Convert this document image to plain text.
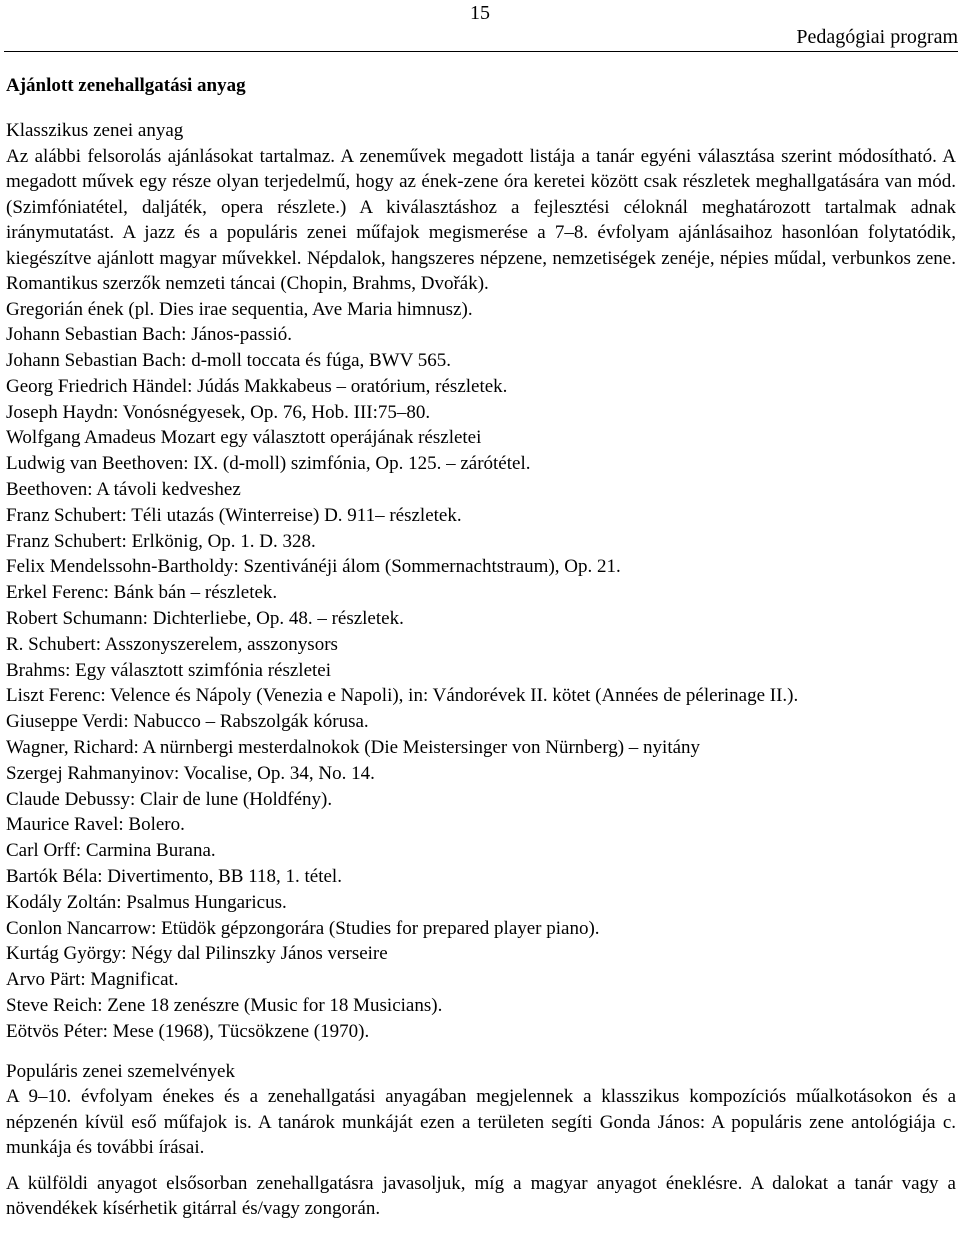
15
Pedagógiai program
Ajánlott zenehallgatási anyag
Klasszikus zenei anyag

Az alábbi felsorolás ajánlásokat tartalmaz. A zeneművek megadott listája a tanár egyéni választása szerint módosítható. A megadott művek egy része olyan terjedelmű, hogy az ének-zene óra keretei között csak részletek meghallgatására van mód. (Szimfóniatétel, daljáték, opera részlete.) A kiválasztáshoz a fejlesztési céloknál meghatározott tartalmak adnak iránymutatást. A jazz és a populáris zenei műfajok megismerése a 7–8. évfolyam ajánlásaihoz hasonlóan folytatódik, kiegészítve ajánlott magyar művekkel. Népdalok, hangszeres népzene, nemzetiségek zenéje, népies műdal, verbunkos zene. Romantikus szerzők nemzeti táncai (Chopin, Brahms, Dvořák).

Gregorián ének (pl. Dies irae sequentia, Ave Maria himnusz).
Johann Sebastian Bach: János-passió.
Johann Sebastian Bach: d-moll toccata és fúga, BWV 565.
Georg Friedrich Händel: Júdás Makkabeus – oratórium, részletek.
Joseph Haydn: Vonósnégyesek, Op. 76, Hob. III:75–80.
Wolfgang Amadeus Mozart egy választott operájának részletei
Ludwig van Beethoven: IX. (d-moll) szimfónia, Op. 125. – zárótétel.
Beethoven: A távoli kedveshez
Franz Schubert: Téli utazás (Winterreise) D. 911– részletek.
Franz Schubert: Erlkönig, Op. 1. D. 328.
Felix Mendelssohn-Bartholdy: Szentivánéji álom (Sommernachtstraum), Op. 21.
Erkel Ferenc: Bánk bán – részletek.
Robert Schumann: Dichterliebe, Op. 48. – részletek.
R. Schubert: Asszonyszerelem, asszonysors
Brahms: Egy választott szimfónia részletei
Liszt Ferenc: Velence és Nápoly (Venezia e Napoli), in: Vándorévek II. kötet (Années de pélerinage II.).
Giuseppe Verdi: Nabucco – Rabszolgák kórusa.
Wagner, Richard: A nürnbergi mesterdalnokok (Die Meistersinger von Nürnberg) – nyitány
Szergej Rahmanyinov: Vocalise, Op. 34, No. 14.
Claude Debussy: Clair de lune (Holdfény).
Maurice Ravel: Bolero.
Carl Orff: Carmina Burana.
Bartók Béla: Divertimento, BB 118, 1. tétel.
Kodály Zoltán: Psalmus Hungaricus.
Conlon Nancarrow: Etüdök gépzongorára (Studies for prepared player piano).
Kurtág György: Négy dal Pilinszky János verseire
Arvo Pärt: Magnificat.
Steve Reich: Zene 18 zenészre (Music for 18 Musicians).
Eötvös Péter: Mese (1968), Tücsökzene (1970).
Populáris zenei szemelvények

A 9–10. évfolyam énekes és a zenehallgatási anyagában megjelennek a klasszikus kompozíciós műalkotásokon és a népzenén kívül eső műfajok is. A tanárok munkáját ezen a területen segíti Gonda János: A populáris zene antológiája c. munkája és további írásai.

A külföldi anyagot elsősorban zenehallgatásra javasoljuk, míg a magyar anyagot éneklésre. A dalokat a tanár vagy a növendékek kísérhetik gitárral és/vagy zongorán.
